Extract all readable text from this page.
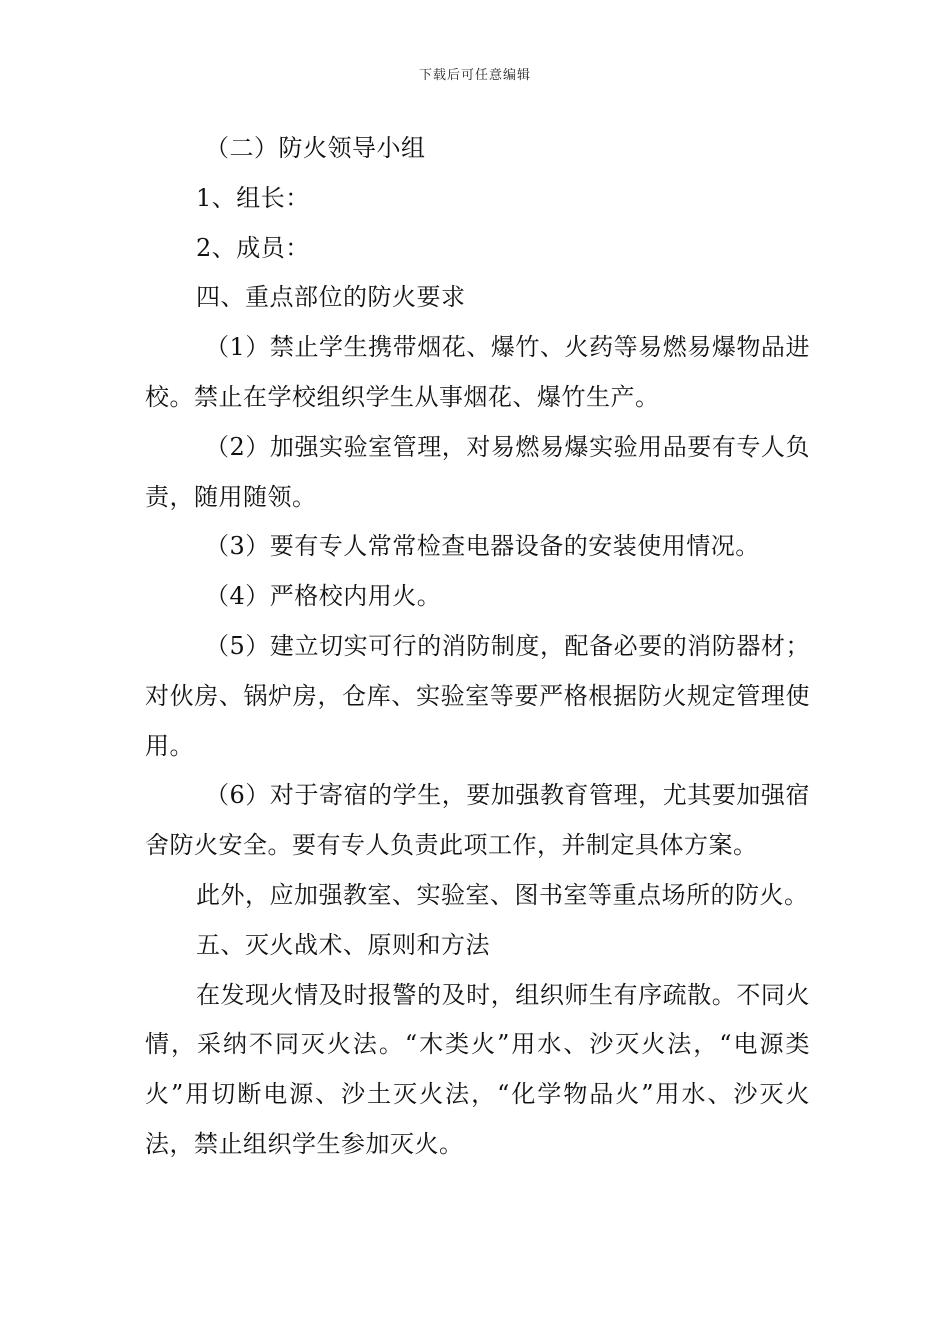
下载后可任意编辑

（二）防火领导小组

1、组长：

2、成员：

四、重点部位的防火要求

（1）禁止学生携带烟花、爆竹、火药等易燃易爆物品进校。禁止在学校组织学生从事烟花、爆竹生产。

（2）加强实验室管理，对易燃易爆实验用品要有专人负责，随用随领。

（3）要有专人常常检查电器设备的安装使用情况。

（4）严格校内用火。

（5）建立切实可行的消防制度，配备必要的消防器材；对伙房、锅炉房，仓库、实验室等要严格根据防火规定管理使用。

（6）对于寄宿的学生，要加强教育管理，尤其要加强宿舍防火安全。要有专人负责此项工作，并制定具体方案。

此外，应加强教室、实验室、图书室等重点场所的防火。

五、灭火战术、原则和方法

在发现火情及时报警的及时，组织师生有序疏散。不同火情，采纳不同灭火法。“木类火”用水、沙灭火法，“电源类火”用切断电源、沙土灭火法，“化学物品火”用水、沙灭火法，禁止组织学生参加灭火。
